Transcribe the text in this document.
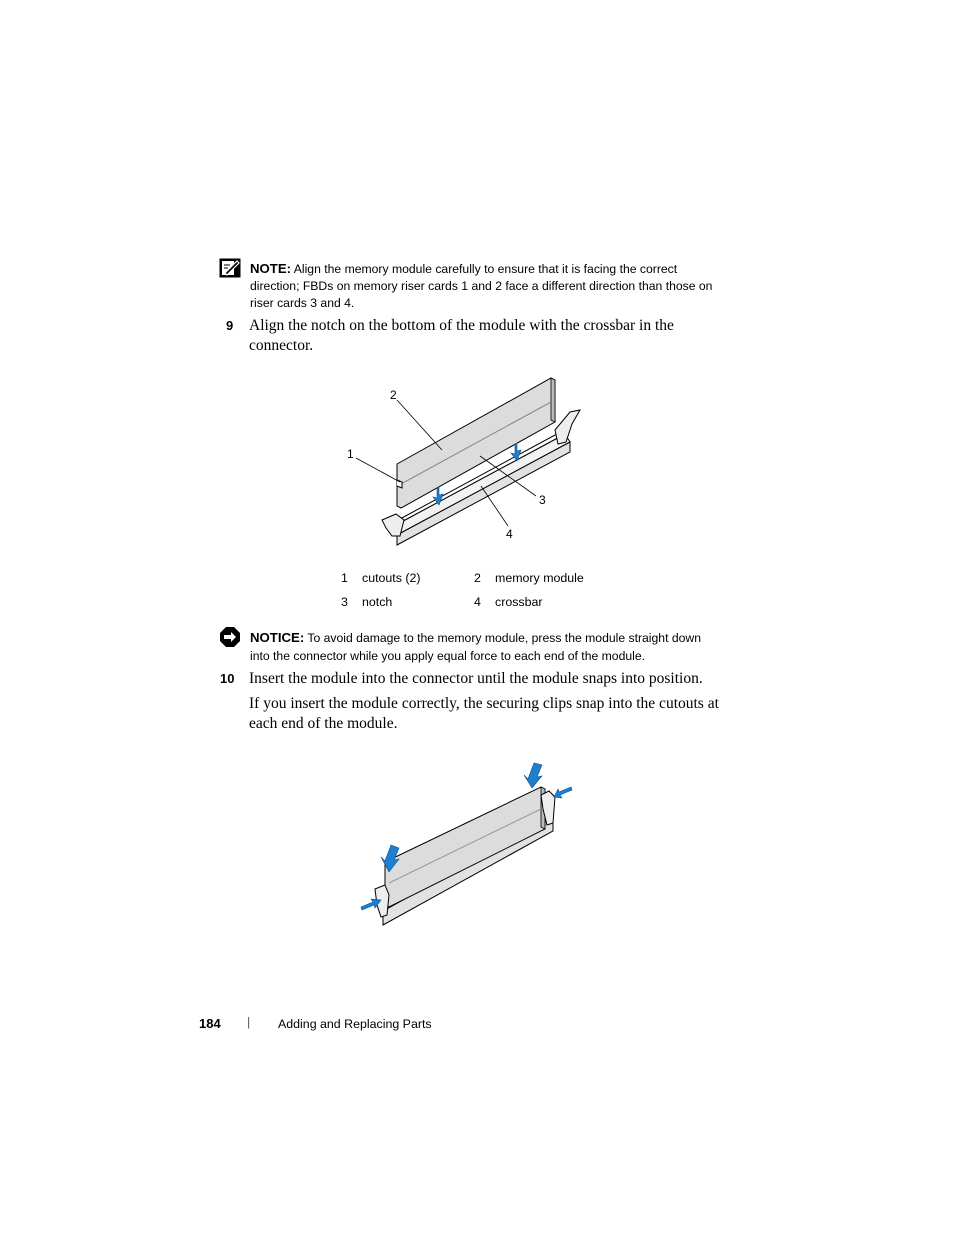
NOTE: Align the memory module carefully to ensure that it is facing the correct direction; FBDs on memory riser cards 1 and 2 face a different direction than those on riser cards 3 and 4.
9 Align the notch on the bottom of the module with the crossbar in the connector.
1
2
3
4
1 cutouts (2)	2 memory module
3 notch	4 crossbar
NOTICE: To avoid damage to the memory module, press the module straight down into the connector while you apply equal force to each end of the module.
10 Insert the module into the connector until the module snaps into position.
If you insert the module correctly, the securing clips snap into the cutouts at each end of the module.
184 | Adding and Replacing Parts
